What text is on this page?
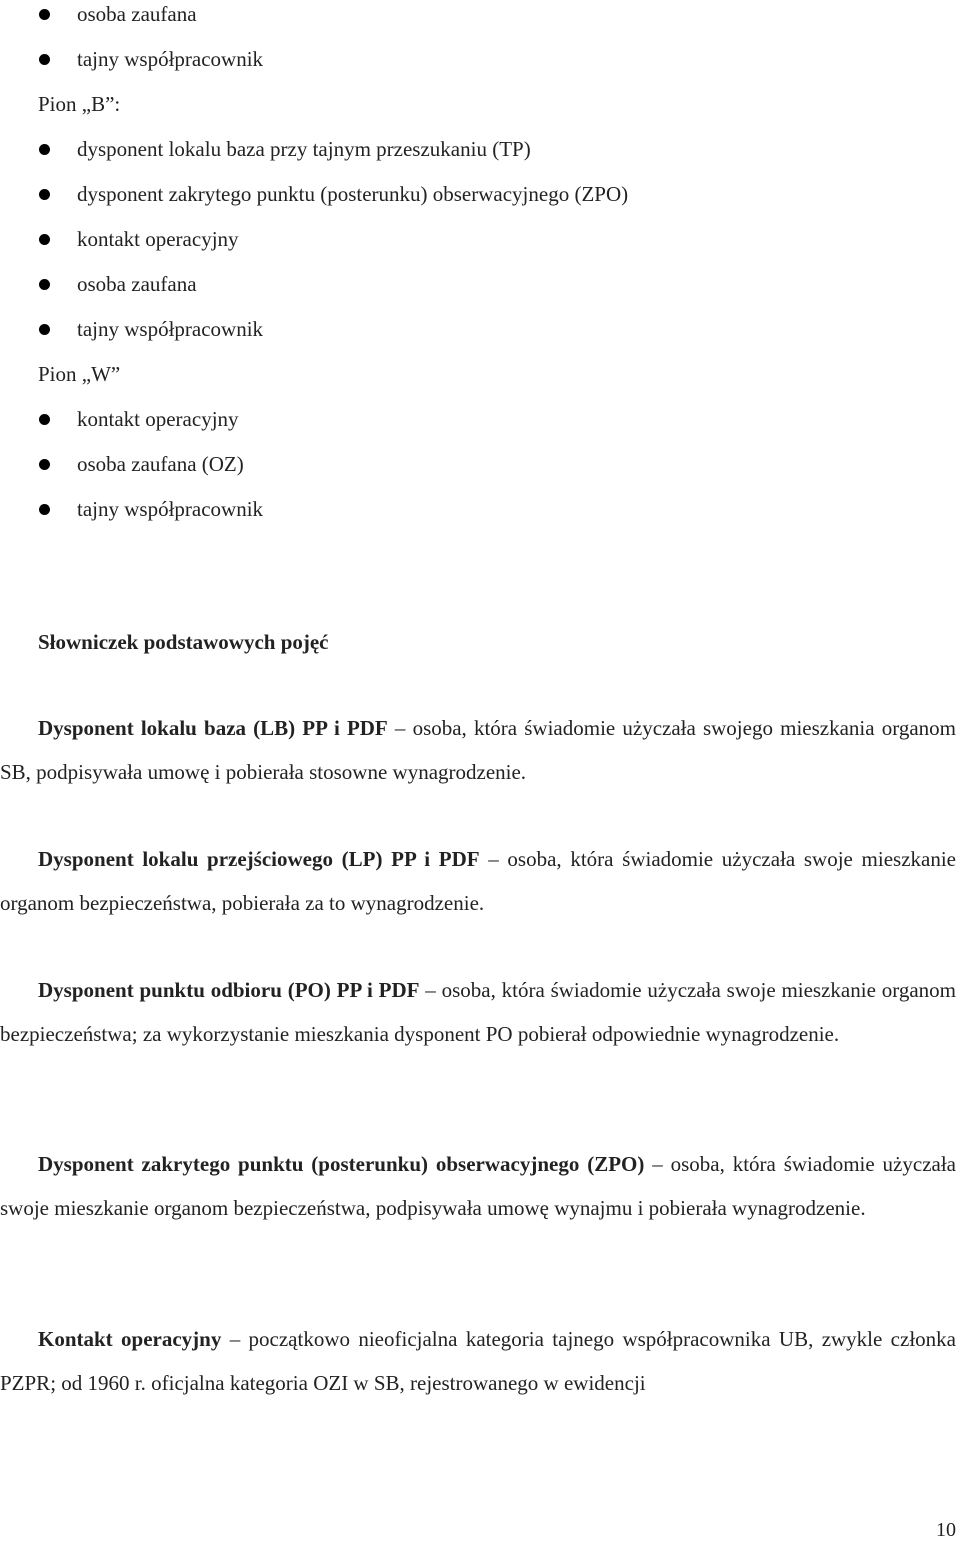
osoba zaufana
tajny współpracownik
Pion „B”:
dysponent lokalu baza przy tajnym przeszukaniu (TP)
dysponent zakrytego punktu (posterunku) obserwacyjnego (ZPO)
kontakt operacyjny
osoba zaufana
tajny współpracownik
Pion „W”
kontakt operacyjny
osoba zaufana (OZ)
tajny współpracownik
Słowniczek podstawowych pojęć

Dysponent lokalu baza (LB) PP i PDF – osoba, która świadomie użyczała swojego mieszkania organom SB, podpisywała umowę i pobierała stosowne wynagrodzenie.

Dysponent lokalu przejściowego (LP) PP i PDF – osoba, która świadomie użyczała swoje mieszkanie organom bezpieczeństwa, pobierała za to wynagrodzenie.

Dysponent punktu odbioru (PO) PP i PDF – osoba, która świadomie użyczała swoje mieszkanie organom bezpieczeństwa; za wykorzystanie mieszkania dysponent PO pobierał odpowiednie wynagrodzenie.

Dysponent zakrytego punktu (posterunku) obserwacyjnego (ZPO) – osoba, która świadomie użyczała swoje mieszkanie organom bezpieczeństwa, podpisywała umowę wynajmu i pobierała wynagrodzenie.

Kontakt operacyjny – początkowo nieoficjalna kategoria tajnego współpracownika UB, zwykle członka PZPR; od 1960 r. oficjalna kategoria OZI w SB, rejestrowanego w ewidencji

10
